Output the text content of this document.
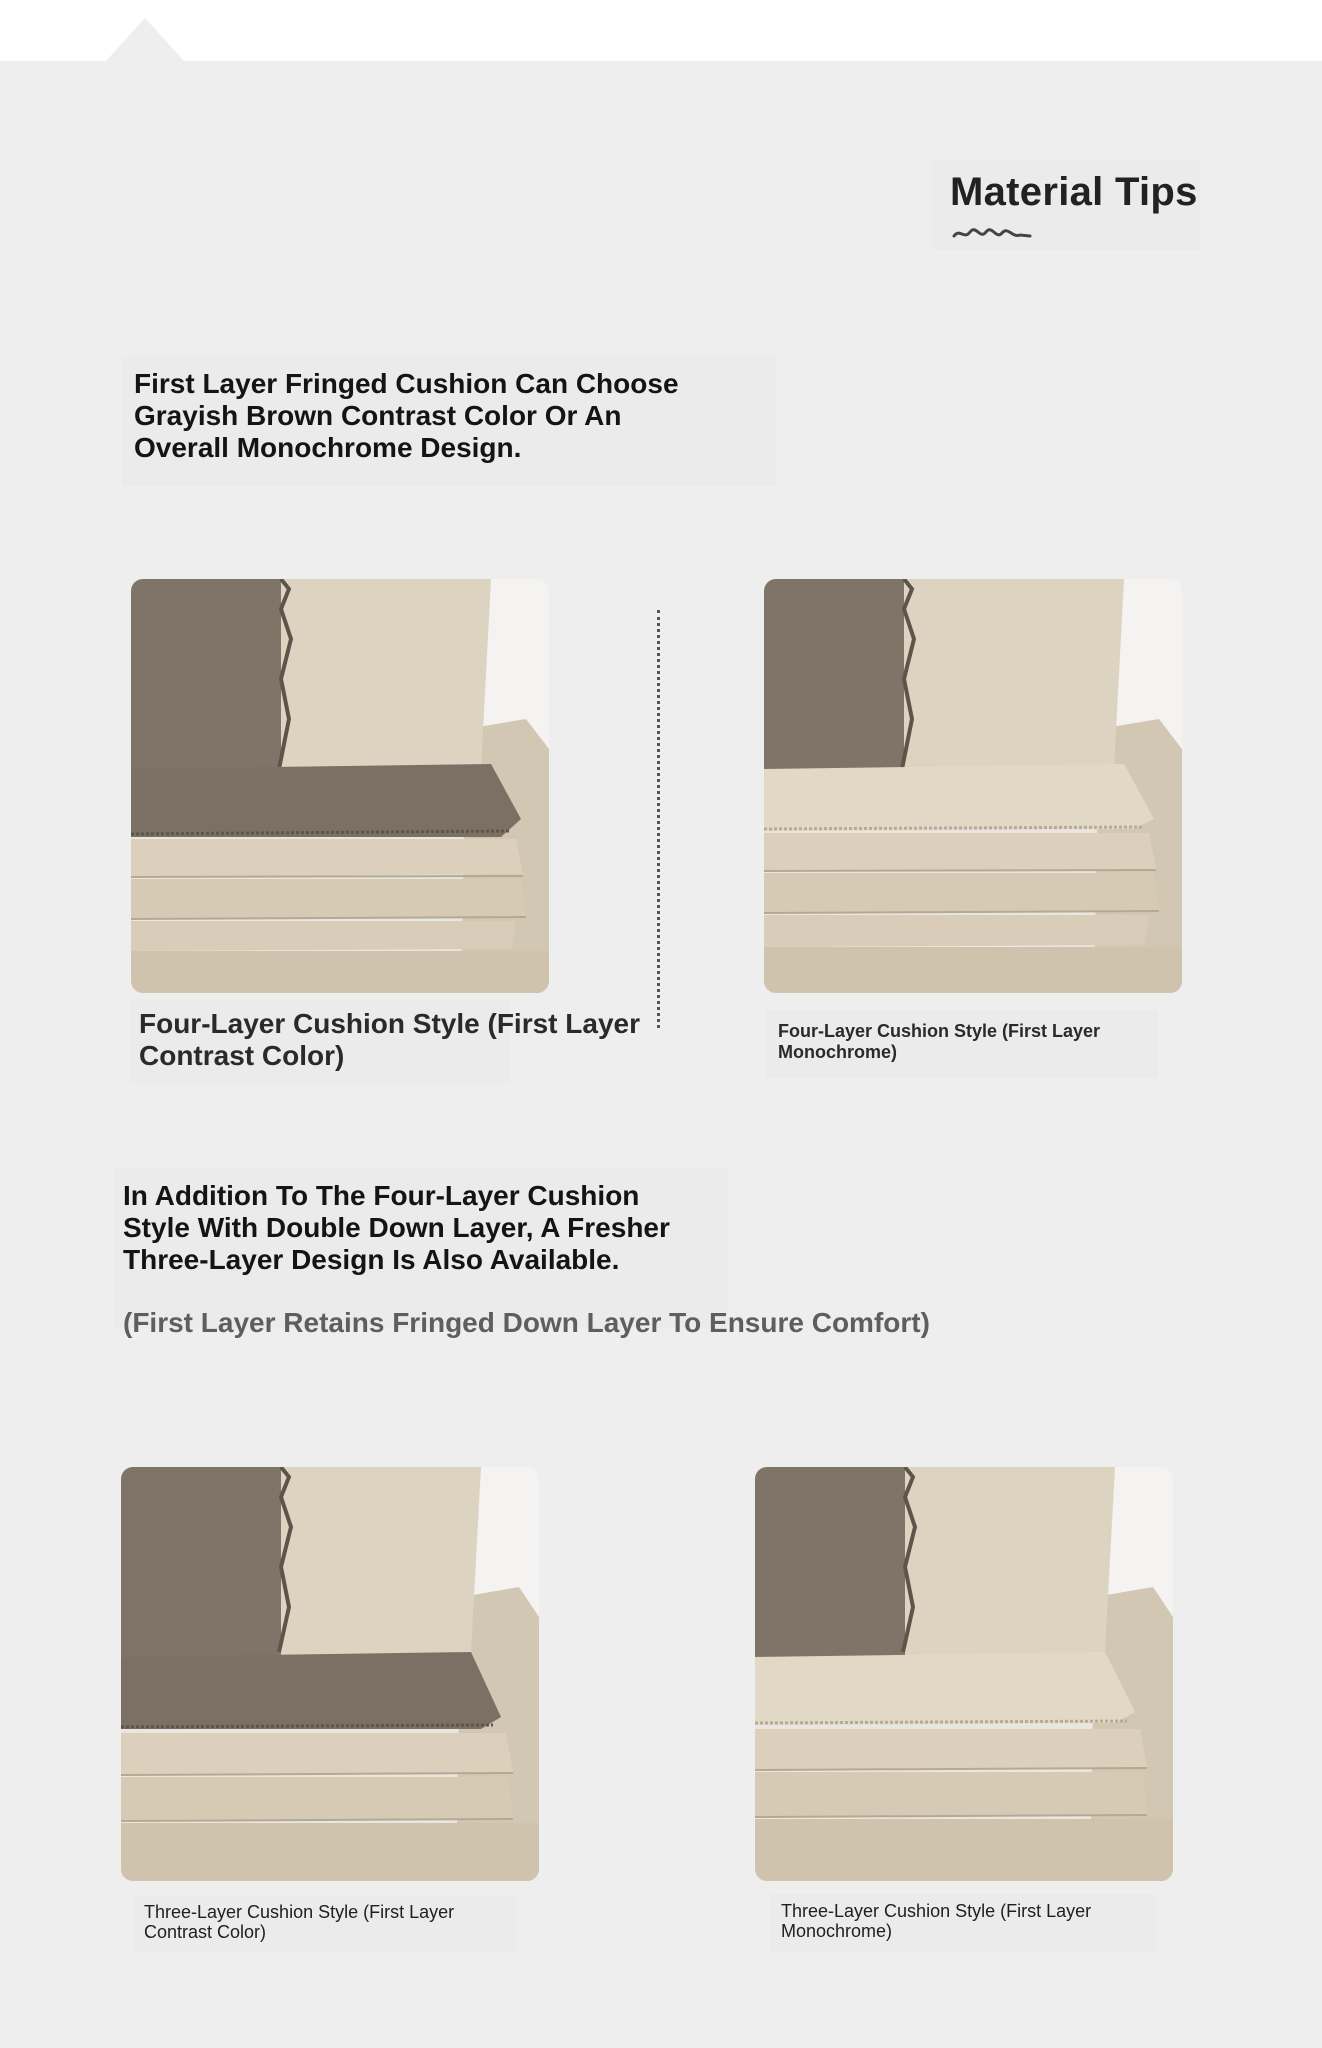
Material Tips
First Layer Fringed Cushion Can Choose Grayish Brown Contrast Color Or An Overall Monochrome Design.

Four-Layer Cushion Style (First Layer Contrast Color)

Four-Layer Cushion Style (First Layer Monochrome)

In Addition To The Four-Layer Cushion Style With Double Down Layer, A Fresher Three-Layer Design Is Also Available.
(First Layer Retains Fringed Down Layer To Ensure Comfort)

Three-Layer Cushion Style (First Layer Contrast Color)

Three-Layer Cushion Style (First Layer Monochrome)
